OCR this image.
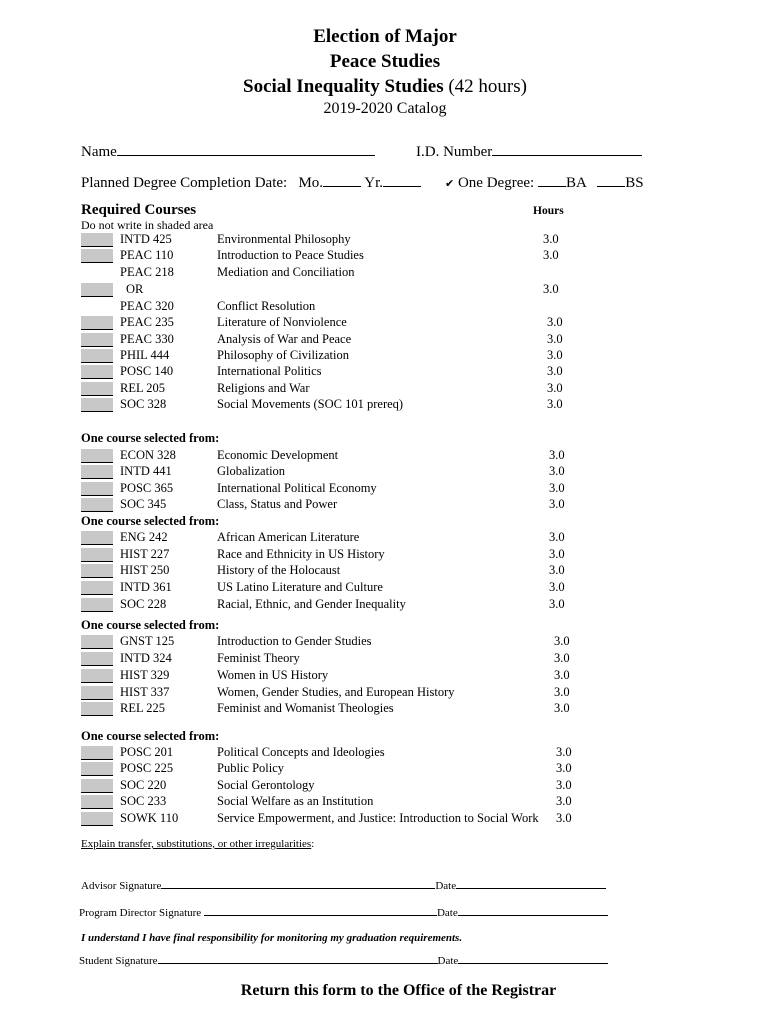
Election of Major
Peace Studies
Social Inequality Studies (42 hours)
2019-2020 Catalog
Name	I.D. Number
Planned Degree Completion Date: Mo.	Yr.	✔ One Degree: BA	BS
Required Courses
Do not write in shaded area
Hours
INTD 425	Environmental Philosophy	3.0
PEAC 110	Introduction to Peace Studies	3.0
PEAC 218	Mediation and Conciliation
OR	3.0
PEAC 320	Conflict Resolution
PEAC 235	Literature of Nonviolence	3.0
PEAC 330	Analysis of War and Peace	3.0
PHIL 444	Philosophy of Civilization	3.0
POSC 140	International Politics	3.0
REL 205	Religions and War	3.0
SOC 328	Social Movements (SOC 101 prereq)	3.0
One course selected from:
ECON 328	Economic Development	3.0
INTD 441	Globalization	3.0
POSC 365	International Political Economy	3.0
SOC 345	Class, Status and Power	3.0
One course selected from:
ENG 242	African American Literature	3.0
HIST 227	Race and Ethnicity in US History	3.0
HIST 250	History of the Holocaust	3.0
INTD 361	US Latino Literature and Culture	3.0
SOC 228	Racial, Ethnic, and Gender Inequality	3.0
One course selected from:
GNST 125	Introduction to Gender Studies	3.0
INTD 324	Feminist Theory	3.0
HIST 329	Women in US History	3.0
HIST 337	Women, Gender Studies, and European History	3.0
REL 225	Feminist and Womanist Theologies	3.0
One course selected from:
POSC 201	Political Concepts and Ideologies	3.0
POSC 225	Public Policy	3.0
SOC 220	Social Gerontology	3.0
SOC 233	Social Welfare as an Institution	3.0
SOWK 110	Service Empowerment, and Justice: Introduction to Social Work 3.0
Explain transfer, substitutions, or other irregularities:
Advisor Signature	Date
Program Director Signature	Date
I understand I have final responsibility for monitoring my graduation requirements.
Student Signature	Date
Return this form to the Office of the Registrar
